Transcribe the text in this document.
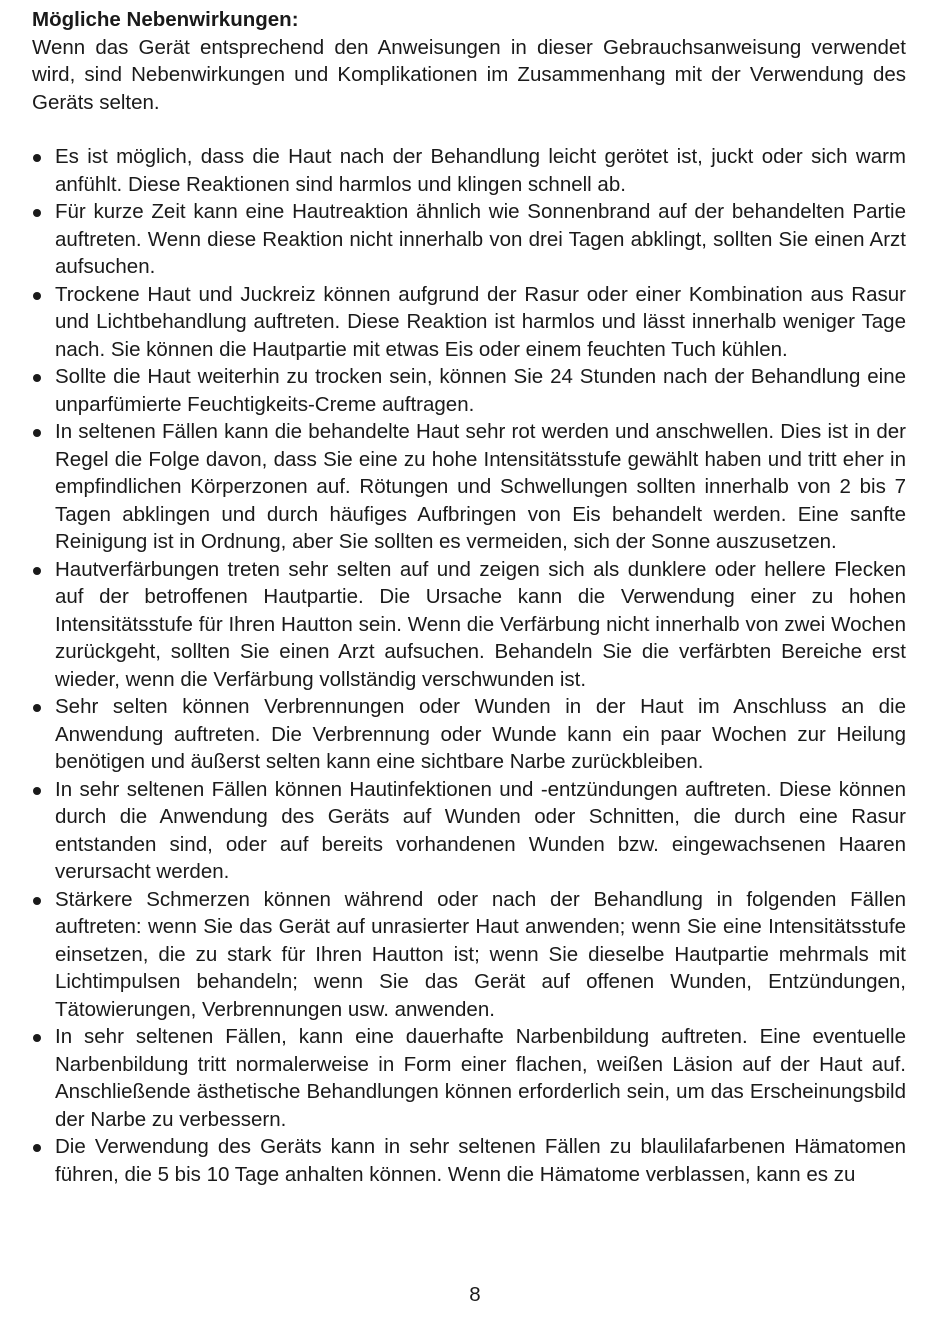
Mögliche Nebenwirkungen:

Wenn das Gerät entsprechend den Anweisungen in dieser Gebrauchsanweisung verwendet wird, sind Nebenwirkungen und Komplikationen im Zusammenhang mit der Verwendung des Geräts selten.

Es ist möglich, dass die Haut nach der Behandlung leicht gerötet ist, juckt oder sich warm anfühlt. Diese Reaktionen sind harmlos und klingen schnell ab.
Für kurze Zeit kann eine Hautreaktion ähnlich wie Sonnenbrand auf der behandelten Partie auftreten. Wenn diese Reaktion nicht innerhalb von drei Tagen abklingt, sollten Sie einen Arzt aufsuchen.
Trockene Haut und Juckreiz können aufgrund der Rasur oder einer Kombination aus Rasur und Lichtbehandlung auftreten. Diese Reaktion ist harmlos und lässt innerhalb weniger Tage nach. Sie können die Hautpartie mit etwas Eis oder einem feuchten Tuch kühlen.
Sollte die Haut weiterhin zu trocken sein, können Sie 24 Stunden nach der Behandlung eine unparfümierte Feuchtigkeits-Creme auftragen.
In seltenen Fällen kann die behandelte Haut sehr rot werden und anschwellen. Dies ist in der Regel die Folge davon, dass Sie eine zu hohe Intensitätsstufe gewählt haben und tritt eher in empfindlichen Körperzonen auf. Rötungen und Schwellungen sollten innerhalb von 2 bis 7 Tagen abklingen und durch häufiges Aufbringen von Eis behandelt werden. Eine sanfte Reinigung ist in Ordnung, aber Sie sollten es vermeiden, sich der Sonne auszusetzen.
Hautverfärbungen treten sehr selten auf und zeigen sich als dunklere oder hellere Flecken auf der betroffenen Hautpartie. Die Ursache kann die Verwendung einer zu hohen Intensitätsstufe für Ihren Hautton sein. Wenn die Verfärbung nicht innerhalb von zwei Wochen zurückgeht, sollten Sie einen Arzt aufsuchen. Behandeln Sie die verfärbten Bereiche erst wieder, wenn die Verfärbung vollständig verschwunden ist.
Sehr selten können Verbrennungen oder Wunden in der Haut im Anschluss an die Anwendung auftreten. Die Verbrennung oder Wunde kann ein paar Wochen zur Heilung benötigen und äußerst selten kann eine sichtbare Narbe zurückbleiben.
In sehr seltenen Fällen können Hautinfektionen und -entzündungen auftreten. Diese können durch die Anwendung des Geräts auf Wunden oder Schnitten, die durch eine Rasur entstanden sind, oder auf bereits vorhandenen Wunden bzw. eingewachsenen Haaren verursacht werden.
Stärkere Schmerzen können während oder nach der Behandlung in folgenden Fällen auftreten: wenn Sie das Gerät auf unrasierter Haut anwenden; wenn Sie eine Intensitätsstufe einsetzen, die zu stark für Ihren Hautton ist; wenn Sie dieselbe Hautpartie mehrmals mit Lichtimpulsen behandeln; wenn Sie das Gerät auf offenen Wunden, Entzündungen, Tätowierungen, Verbrennungen usw. anwenden.
In sehr seltenen Fällen, kann eine dauerhafte Narbenbildung auftreten. Eine eventuelle Narbenbildung tritt normalerweise in Form einer flachen, weißen Läsion auf der Haut auf. Anschließende ästhetische Behandlungen können erforderlich sein, um das Erscheinungsbild der Narbe zu verbessern.
Die Verwendung des Geräts kann in sehr seltenen Fällen zu blaulilafarbenen Hämatomen führen, die 5 bis 10 Tage anhalten können. Wenn die Hämatome verblassen, kann es zu
8
